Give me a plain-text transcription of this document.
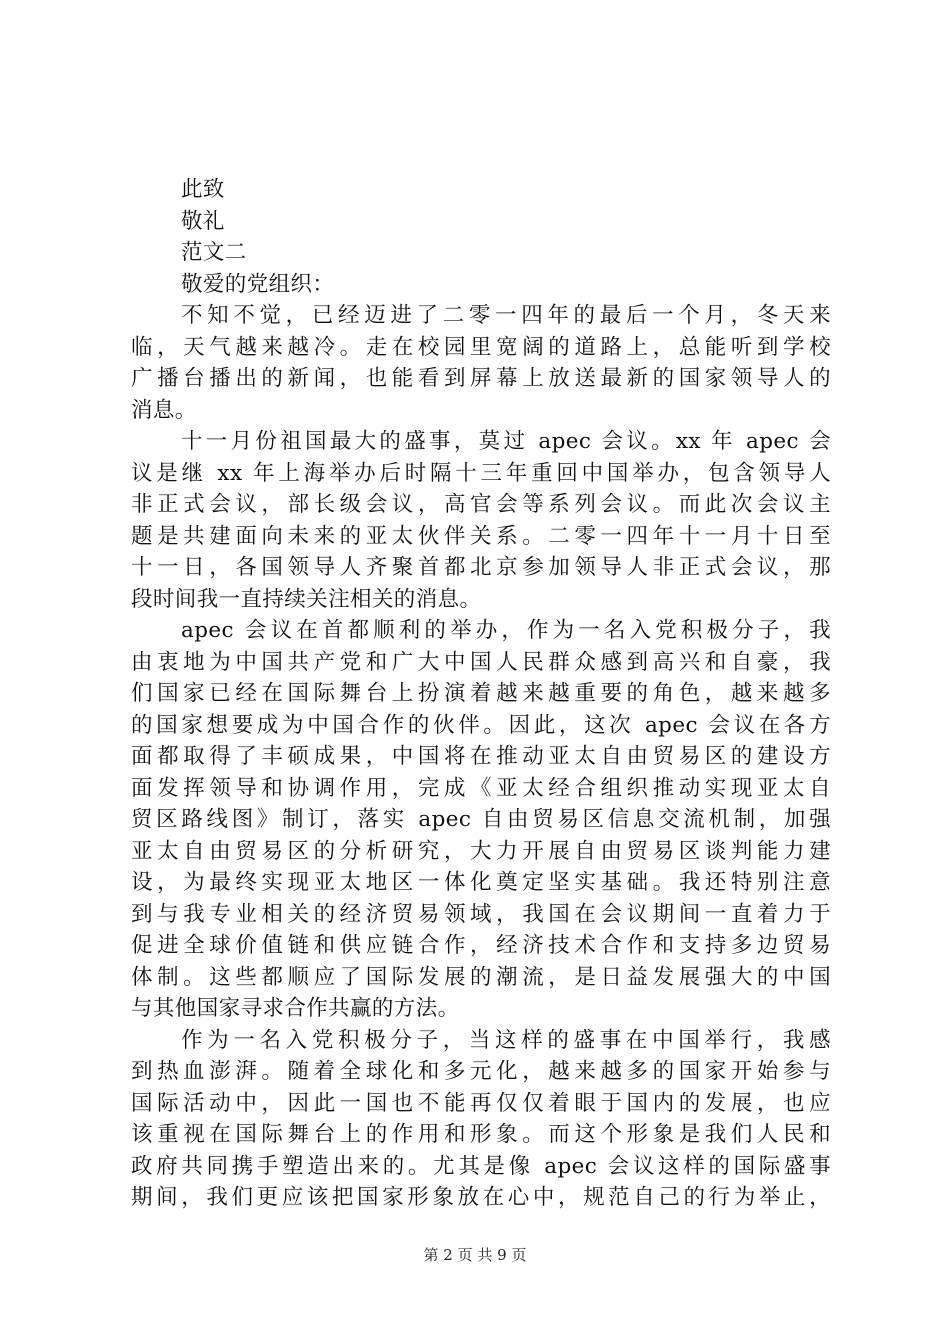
此致
敬礼
范文二
敬爱的党组织：
不知不觉，已经迈进了二零一四年的最后一个月，冬天来
临，天气越来越冷。走在校园里宽阔的道路上，总能听到学校
广播台播出的新闻，也能看到屏幕上放送最新的国家领导人的
消息。
十一月份祖国最大的盛事，莫过 apec 会议。xx 年 apec 会
议是继 xx 年上海举办后时隔十三年重回中国举办，包含领导人
非正式会议，部长级会议，高官会等系列会议。而此次会议主
题是共建面向未来的亚太伙伴关系。二零一四年十一月十日至
十一日，各国领导人齐聚首都北京参加领导人非正式会议，那
段时间我一直持续关注相关的消息。
apec 会议在首都顺利的举办，作为一名入党积极分子，我
由衷地为中国共产党和广大中国人民群众感到高兴和自豪，我
们国家已经在国际舞台上扮演着越来越重要的角色，越来越多
的国家想要成为中国合作的伙伴。因此，这次 apec 会议在各方
面都取得了丰硕成果，中国将在推动亚太自由贸易区的建设方
面发挥领导和协调作用，完成《亚太经合组织推动实现亚太自
贸区路线图》制订，落实 apec 自由贸易区信息交流机制，加强
亚太自由贸易区的分析研究，大力开展自由贸易区谈判能力建
设，为最终实现亚太地区一体化奠定坚实基础。我还特别注意
到与我专业相关的经济贸易领域，我国在会议期间一直着力于
促进全球价值链和供应链合作，经济技术合作和支持多边贸易
体制。这些都顺应了国际发展的潮流，是日益发展强大的中国
与其他国家寻求合作共赢的方法。
作为一名入党积极分子，当这样的盛事在中国举行，我感
到热血澎湃。随着全球化和多元化，越来越多的国家开始参与
国际活动中，因此一国也不能再仅仅着眼于国内的发展，也应
该重视在国际舞台上的作用和形象。而这个形象是我们人民和
政府共同携手塑造出来的。尤其是像 apec 会议这样的国际盛事
期间，我们更应该把国家形象放在心中，规范自己的行为举止，
第 2 页 共 9 页
